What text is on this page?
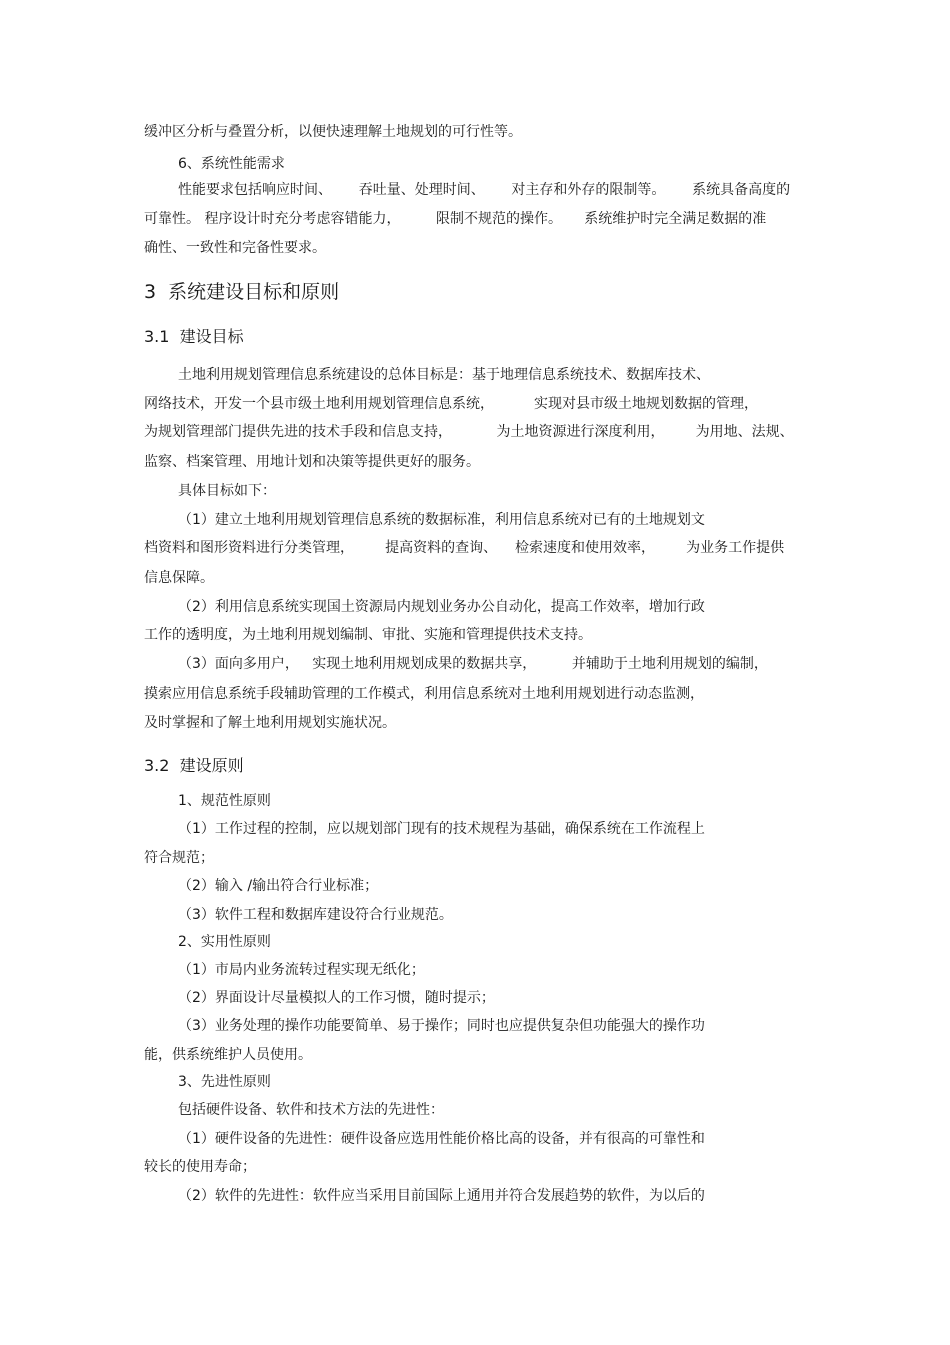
缓冲区分析与叠置分析，以便快速理解土地规划的可行性等。
6、系统性能需求
性能要求包括响应时间、      吞吐量、处理时间、      对主存和外存的限制等。      系统具备高度的
可靠性。 程序设计时充分考虑容错能力，        限制不规范的操作。     系统维护时完全满足数据的准
确性、一致性和完备性要求。
3  系统建设目标和原则
3.1  建设目标
土地利用规划管理信息系统建设的总体目标是：基于地理信息系统技术、数据库技术、
网络技术，开发一个县市级土地利用规划管理信息系统，         实现对县市级土地规划数据的管理，
为规划管理部门提供先进的技术手段和信息支持，          为土地资源进行深度利用，       为用地、法规、
监察、档案管理、用地计划和决策等提供更好的服务。
具体目标如下：
（1）建立土地利用规划管理信息系统的数据标准，利用信息系统对已有的土地规划文
档资料和图形资料进行分类管理，       提高资料的查询、    检索速度和使用效率，       为业务工作提供
信息保障。
（2）利用信息系统实现国土资源局内规划业务办公自动化，提高工作效率，增加行政
工作的透明度，为土地利用规划编制、审批、实施和管理提供技术支持。
（3）面向多用户，   实现土地利用规划成果的数据共享，        并辅助于土地利用规划的编制，
摸索应用信息系统手段辅助管理的工作模式，利用信息系统对土地利用规划进行动态监测，
及时掌握和了解土地利用规划实施状况。
3.2  建设原则
1、规范性原则
（1）工作过程的控制，应以规划部门现有的技术规程为基础，确保系统在工作流程上
符合规范；
（2）输入 /输出符合行业标准；
（3）软件工程和数据库建设符合行业规范。
2、实用性原则
（1）市局内业务流转过程实现无纸化；
（2）界面设计尽量模拟人的工作习惯，随时提示；
（3）业务处理的操作功能要简单、易于操作；同时也应提供复杂但功能强大的操作功
能，供系统维护人员使用。
3、先进性原则
包括硬件设备、软件和技术方法的先进性：
（1）硬件设备的先进性：硬件设备应选用性能价格比高的设备，并有很高的可靠性和
较长的使用寿命；
（2）软件的先进性：软件应当采用目前国际上通用并符合发展趋势的软件，为以后的
